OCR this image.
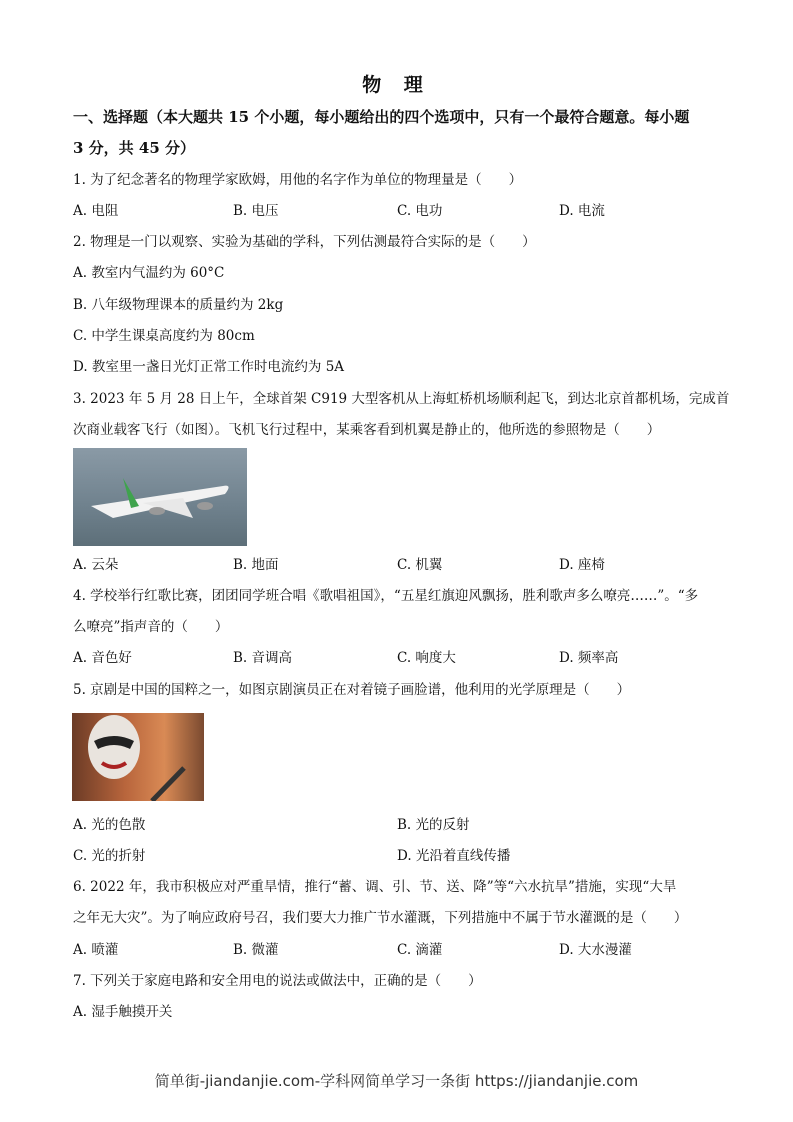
物 理
一、选择题（本大题共 15 个小题，每小题给出的四个选项中，只有一个最符合题意。每小题
3 分，共 45 分）
1. 为了纪念著名的物理学家欧姆，用他的名字作为单位的物理量是（　　）
A. 电阻	B. 电压	C. 电功	D. 电流
2. 物理是一门以观察、实验为基础的学科，下列估测最符合实际的是（　　）
A. 教室内气温约为 60°C
B. 八年级物理课本的质量约为 2kg
C. 中学生课桌高度约为 80cm
D. 教室里一盏日光灯正常工作时电流约为 5A
3. 2023 年 5 月 28 日上午，全球首架 C919 大型客机从上海虹桥机场顺利起飞，到达北京首都机场，完成首
次商业载客飞行（如图）。飞机飞行过程中，某乘客看到机翼是静止的，他所选的参照物是（　　）
A. 云朵	B. 地面	C. 机翼	D. 座椅
4. 学校举行红歌比赛，团团同学班合唱《歌唱祖国》，“五星红旗迎风飘扬，胜利歌声多么嘹亮……”。“多
么嘹亮”指声音的（　　）
A. 音色好	B. 音调高	C. 响度大	D. 频率高
5. 京剧是中国的国粹之一，如图京剧演员正在对着镜子画脸谱，他利用的光学原理是（　　）
A. 光的色散	B. 光的反射
C. 光的折射	D. 光沿着直线传播
6. 2022 年，我市积极应对严重旱情，推行“蓄、调、引、节、送、降”等“六水抗旱”措施，实现“大旱
之年无大灾”。为了响应政府号召，我们要大力推广节水灌溉，下列措施中不属于节水灌溉的是（　　）
A. 喷灌	B. 微灌	C. 滴灌	D. 大水漫灌
7. 下列关于家庭电路和安全用电的说法或做法中，正确的是（　　）
A. 湿手触摸开关
简单街-jiandanjie.com-学科网简单学习一条街 https://jiandanjie.com
